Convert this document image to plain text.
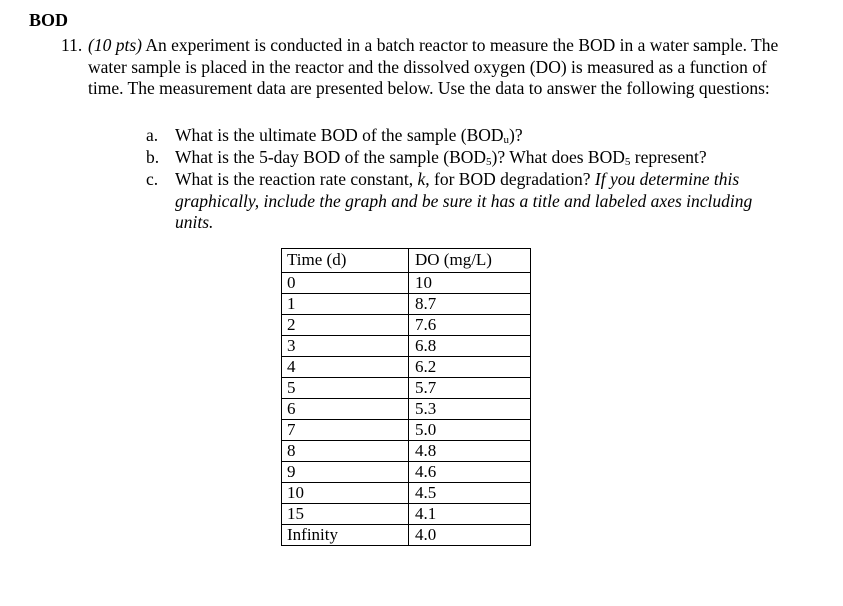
BOD
11. (10 pts) An experiment is conducted in a batch reactor to measure the BOD in a water sample. The water sample is placed in the reactor and the dissolved oxygen (DO) is measured as a function of time. The measurement data are presented below. Use the data to answer the following questions:
a. What is the ultimate BOD of the sample $(BOD_u)$?
b. What is the 5-day BOD of the sample $(BOD_5)$? What does $BOD_5$ represent?
c. What is the reaction rate constant, k, for BOD degradation? If you determine this graphically, include the graph and be sure it has a title and labeled axes including units.
Time (d)	DO (mg/L)
0	10
1	8.7
2	7.6
3	6.8
4	6.2
5	5.7
6	5.3
7	5.0
8	4.8
9	4.6
10	4.5
15	4.1
Infinity	4.0
